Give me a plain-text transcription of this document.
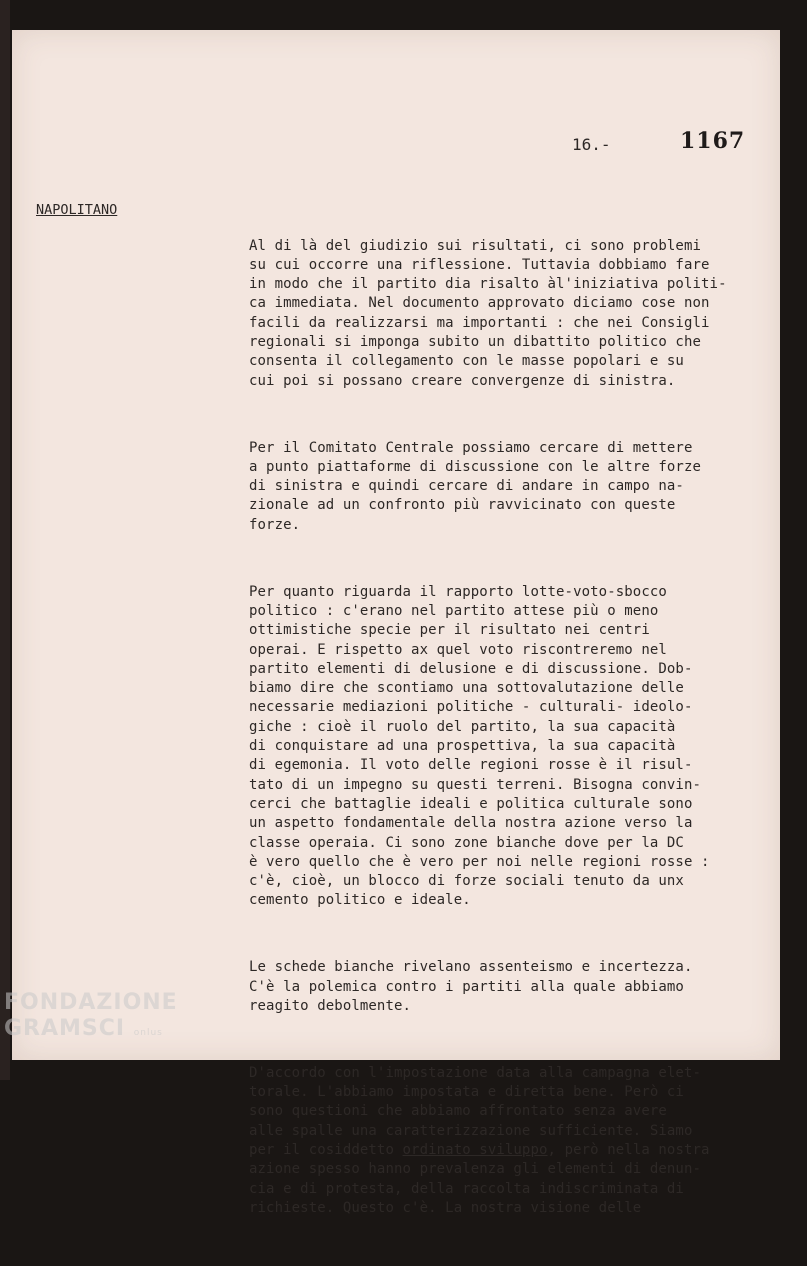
16.-	1167
NAPOLITANO

Al di là del giudizio sui risultati, ci sono problemi
su cui occorre una riflessione. Tuttavia dobbiamo fare
in modo che il partito dia risalto àl'iniziativa politi-
ca immediata. Nel documento approvato diciamo cose non
facili da realizzarsi ma importanti : che nei Consigli
regionali si imponga subito un dibattito politico che
consenta il collegamento con le masse popolari e su
cui poi si possano creare convergenze di sinistra.

Per il Comitato Centrale possiamo cercare di mettere
a punto piattaforme di discussione con le altre forze
di sinistra e quindi cercare di andare in campo na-
zionale ad un confronto più ravvicinato con queste
forze.

Per quanto riguarda il rapporto lotte-voto-sbocco
politico : c'erano nel partito attese più o meno
ottimistiche specie per il risultato nei centri
operai. E rispetto ax quel voto riscontreremo nel
partito elementi di delusione e di discussione. Dob-
biamo dire che scontiamo una sottovalutazione delle
necessarie mediazioni politiche - culturali- ideolo-
giche : cioè il ruolo del partito, la sua capacità
di conquistare ad una prospettiva, la sua capacità
di egemonia. Il voto delle regioni rosse è il risul-
tato di un impegno su questi terreni. Bisogna convin-
cerci che battaglie ideali e politica culturale sono
un aspetto fondamentale della nostra azione verso la
classe operaia. Ci sono zone bianche dove per la DC
è vero quello che è vero per noi nelle regioni rosse :
c'è, cioè, un blocco di forze sociali tenuto da unx
cemento politico e ideale.

Le schede bianche rivelano assenteismo e incertezza.
C'è la polemica contro i partiti alla quale abbiamo
reagito debolmente.

D'accordo con l'impostazione data alla campagna elet-
torale. L'abbiamo impostata e diretta bene. Però ci
sono questioni che abbiamo affrontato senza avere
alle spalle una caratterizzazione sufficiente. Siamo
per il cosiddetto ordinato sviluppo, però nella nostra
azione spesso hanno prevalenza gli elementi di denun-
cia e di protesta, della raccolta indiscriminata di
richieste. Questo c'è. La nostra visione delle

FONDAZIONE
GRAMSCI onlus
